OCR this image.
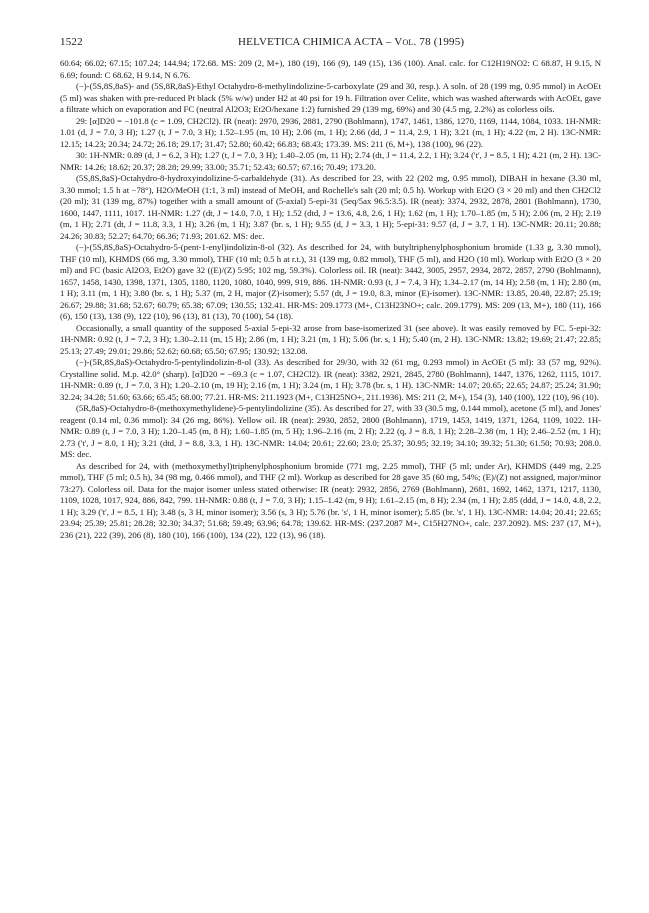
1522	HELVETICA CHIMICA ACTA – Vol. 78 (1995)

60.64; 66.02; 67.15; 107.24; 144.94; 172.68. MS: 209 (2, M+), 180 (19), 166 (9), 149 (15), 136 (100). Anal. calc. for C12H19NO2: C 68.87, H 9.15, N 6.69; found: C 68.62, H 9.14, N 6.76.

(−)-(5S,8S,8aS)- and (5S,8R,8aS)-Ethyl Octahydro-8-methylindolizine-5-carboxylate (29 and 30, resp.). A soln. of 28 (199 mg, 0.95 mmol) in AcOEt (5 ml) was shaken with pre-reduced Pt black (5% w/w) under H2 at 40 psi for 19 h. Filtration over Celite, which was washed afterwards with AcOEt, gave a filtrate which on evaporation and FC (neutral Al2O3; Et2O/hexane 1:2) furnished 29 (139 mg, 69%) and 30 (4.5 mg, 2.2%) as colorless oils.

29: [α]D20 = −101.8 (c = 1.09, CH2Cl2). IR (neat): 2970, 2936, 2881, 2790 (Bohlmann), 1747, 1461, 1386, 1270, 1169, 1144, 1084, 1033. 1H-NMR: 1.01 (d, J = 7.0, 3 H); 1.27 (t, J = 7.0, 3 H); 1.52–1.95 (m, 10 H); 2.06 (m, 1 H); 2.66 (dd, J = 11.4, 2.9, 1 H); 3.21 (m, 1 H); 4.22 (m, 2 H). 13C-NMR: 12.15; 14.23; 20.34; 24.72; 26.18; 29.17; 31.47; 52.80; 60.42; 66.83; 68.43; 173.39. MS: 211 (6, M+), 138 (100), 96 (22).

30: 1H-NMR: 0.89 (d, J = 6.2, 3 H); 1.27 (t, J = 7.0, 3 H); 1.40–2.05 (m, 11 H); 2.74 (dt, J = 11.4, 2.2, 1 H); 3.24 ('t', J = 8.5, 1 H); 4.21 (m, 2 H). 13C-NMR: 14.26; 18.62; 20.37; 28.28; 29.99; 33.00; 35.71; 52.43; 60.57; 67.16; 70.49; 173.20.

(5S,8S,8aS)-Octahydro-8-hydroxyindolizine-5-carbaldehyde (31). As described for 23, with 22 (202 mg, 0.95 mmol), DIBAH in hexane (3.30 ml, 3.30 mmol; 1.5 h at −78°), H2O/MeOH (1:1, 3 ml) instead of MeOH, and Rochelle's salt (20 ml; 0.5 h). Workup with Et2O (3 × 20 ml) and then CH2Cl2 (20 ml); 31 (139 mg, 87%) together with a small amount of (5-axial) 5-epi-31 (5eq/5ax 96.5:3.5). IR (neat): 3374, 2932, 2878, 2801 (Bohlmann), 1730, 1600, 1447, 1111, 1017. 1H-NMR: 1.27 (dt, J = 14.0, 7.0, 1 H); 1.52 (dtd, J = 13.6, 4.8, 2.6, 1 H); 1.62 (m, 1 H); 1.70–1.85 (m, 5 H); 2.06 (m, 2 H); 2.19 (m, 1 H); 2.71 (dt, J = 11.8, 3.3, 1 H); 3.26 (m, 1 H); 3.87 (br. s, 1 H); 9.55 (d, J = 3.3, 1 H); 5-epi-31: 9.57 (d, J = 3.7, 1 H). 13C-NMR: 20.11; 20.88; 24.26; 30.83; 52.27; 64.70; 66.36; 71.93; 201.62. MS: dec.

(−)-(5S,8S,8aS)-Octahydro-5-(pent-1-enyl)indolizin-8-ol (32). As described for 24, with butyltriphenylphosphonium bromide (1.33 g, 3.30 mmol), THF (10 ml), KHMDS (66 mg, 3.30 mmol), THF (10 ml; 0.5 h at r.t.), 31 (139 mg, 0.82 mmol), THF (5 ml), and H2O (10 ml). Workup with Et2O (3 × 20 ml) and FC (basic Al2O3, Et2O) gave 32 ((E)/(Z) 5:95; 102 mg, 59.3%). Colorless oil. IR (neat): 3442, 3005, 2957, 2934, 2872, 2857, 2790 (Bohlmann), 1657, 1458, 1430, 1398, 1371, 1305, 1180, 1120, 1080, 1040, 999, 919, 886. 1H-NMR: 0.93 (t, J = 7.4, 3 H); 1.34–2.17 (m, 14 H); 2.58 (m, 1 H); 2.80 (m, 1 H); 3.11 (m, 1 H); 3.80 (br. s, 1 H); 5.37 (m, 2 H, major (Z)-isomer); 5.57 (dt, J = 19.0, 8.3, minor (E)-isomer). 13C-NMR: 13.85, 20.48, 22.87; 25.19; 26.67; 29.88; 31.68; 52.67; 60.79; 65.38; 67.09; 130.55; 132.41. HR-MS: 209.1773 (M+, C13H23NO+; calc. 209.1779). MS: 209 (13, M+), 180 (11), 166 (6), 150 (13), 138 (9), 122 (10), 96 (13), 81 (13), 70 (100), 54 (18).

Occasionally, a small quantity of the supposed 5-axial 5-epi-32 arose from base-isomerized 31 (see above). It was easily removed by FC. 5-epi-32: 1H-NMR: 0.92 (t, J = 7.2, 3 H); 1.30–2.11 (m, 15 H); 2.86 (m, 1 H); 3.21 (m, 1 H); 5.06 (br. s, 1 H); 5.40 (m, 2 H). 13C-NMR: 13.82; 19.69; 21.47; 22.85; 25.13; 27.49; 29.01; 29.86; 52.62; 60.68; 65.50; 67.95; 130.92; 132.08.

(−)-(5R,8S,8aS)-Octahydro-5-pentylindolizin-8-ol (33). As described for 29/30, with 32 (61 mg, 0.293 mmol) in AcOEt (5 ml): 33 (57 mg, 92%). Crystalline solid. M.p. 42.0° (sharp). [α]D20 = −69.3 (c = 1.07, CH2Cl2). IR (neat): 3382, 2921, 2845, 2780 (Bohlmann), 1447, 1376, 1262, 1115, 1017. 1H-NMR: 0.89 (t, J = 7.0, 3 H); 1.20–2.10 (m, 19 H); 2.16 (m, 1 H); 3.24 (m, 1 H); 3.78 (br. s, 1 H). 13C-NMR: 14.07; 20.65; 22.65; 24.87; 25.24; 31.90; 32.24; 34.28; 51.60; 63.66; 65.45; 68.00; 77.21. HR-MS: 211.1923 (M+, C13H25NO+, 211.1936). MS: 211 (2, M+), 154 (3), 140 (100), 122 (10), 96 (10).

(5R,8aS)-Octahydro-8-(methoxymethylidene)-5-pentylindolizine (35). As described for 27, with 33 (30.5 mg, 0.144 mmol), acetone (5 ml), and Jones' reagent (0.14 ml, 0.36 mmol): 34 (26 mg, 86%). Yellow oil. IR (neat): 2930, 2852, 2800 (Bohlmann), 1719, 1453, 1419, 1371, 1264, 1109, 1022. 1H-NMR: 0.89 (t, J = 7.0, 3 H); 1.20–1.45 (m, 8 H); 1.60–1.85 (m, 5 H); 1.96–2.16 (m, 2 H); 2.22 (q, J = 8.8, 1 H); 2.28–2.38 (m, 1 H); 2.46–2.52 (m, 1 H); 2.73 ('t', J = 8.0, 1 H); 3.21 (dtd, J = 8.8, 3.3, 1 H). 13C-NMR: 14.04; 20.61; 22.60; 23.0; 25.37; 30.95; 32.19; 34.10; 39.32; 51.30; 61.50; 70.93; 208.0. MS: dec.

As described for 24, with (methoxymethyl)triphenylphosphonium bromide (771 mg, 2.25 mmol), THF (5 ml; under Ar), KHMDS (449 mg, 2.25 mmol), THF (5 ml; 0.5 h), 34 (98 mg, 0.466 mmol), and THF (2 ml). Workup as described for 28 gave 35 (60 mg, 54%; (E)/(Z) not assigned, major/minor 73:27). Colorless oil. Data for the major isomer unless stated otherwise: IR (neat): 2932, 2856, 2769 (Bohlmann), 2681, 1692, 1462, 1371, 1217, 1130, 1109, 1028, 1017, 924, 886, 842, 799. 1H-NMR: 0.88 (t, J = 7.0, 3 H); 1.15–1.42 (m, 9 H); 1.61–2.15 (m, 8 H); 2.34 (m, 1 H); 2.85 (ddd, J = 14.0, 4.8, 2.2, 1 H); 3.29 ('t', J = 8.5, 1 H); 3.48 (s, 3 H, minor isomer); 3.56 (s, 3 H); 5.76 (br. 's', 1 H, minor isomer); 5.85 (br. 's', 1 H). 13C-NMR: 14.04; 20.41; 22.65; 23.94; 25.39; 25.81; 28.28; 32.30; 34.37; 51.68; 59.49; 63.96; 64.78; 139.62. HR-MS: (237.2087 M+, C15H27NO+, calc. 237.2092). MS: 237 (17, M+), 236 (21), 222 (39), 206 (8), 180 (10), 166 (100), 134 (22), 122 (13), 96 (18).
